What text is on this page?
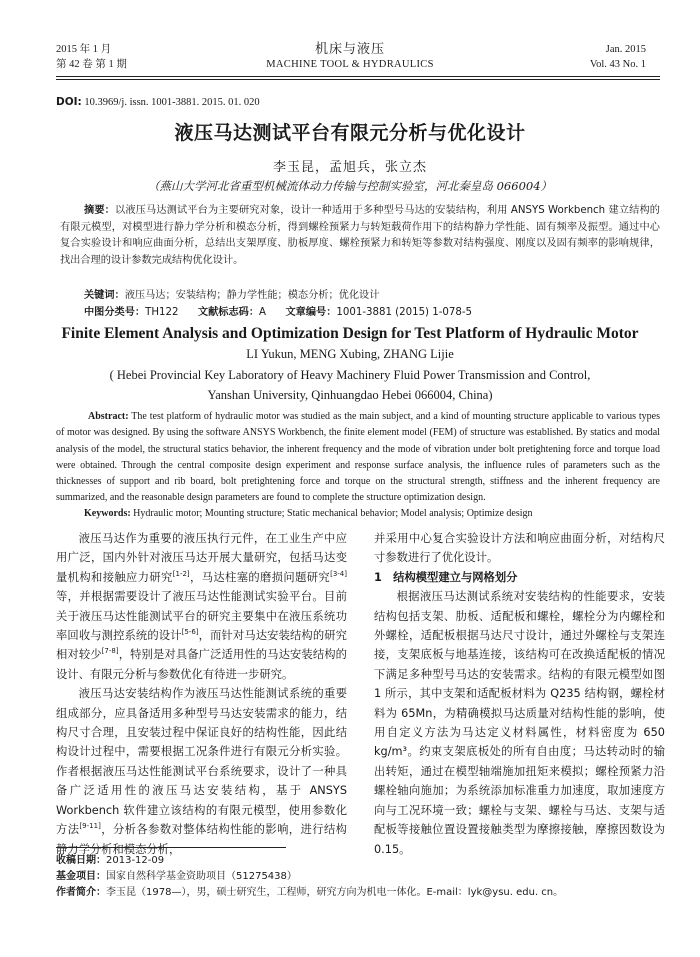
2015 年 1 月
第 42 卷 第 1 期
机床与液压
MACHINE TOOL & HYDRAULICS
Jan. 2015
Vol. 43 No. 1
DOI: 10.3969/j. issn. 1001-3881. 2015. 01. 020
液压马达测试平台有限元分析与优化设计
李玉昆，孟旭兵，张立杰
（燕山大学河北省重型机械流体动力传输与控制实验室，河北秦皇岛 066004）
摘要：以液压马达测试平台为主要研究对象，设计一种适用于多种型号马达的安装结构，利用 ANSYS Workbench 建立结构的有限元模型，对模型进行静力学分析和模态分析，得到螺栓预紧力与转矩载荷作用下的结构静力学性能、固有频率及振型。通过中心复合实验设计和响应曲面分析，总结出支架厚度、肋板厚度、螺栓预紧力和转矩等参数对结构强度、刚度以及固有频率的影响规律，找出合理的设计参数完成结构优化设计。
关键词：液压马达；安装结构；静力学性能；模态分析；优化设计
中图分类号：TH122 文献标志码：A 文章编号：1001-3881 (2015) 1-078-5
Finite Element Analysis and Optimization Design for Test Platform of Hydraulic Motor
LI Yukun, MENG Xubing, ZHANG Lijie
( Hebei Provincial Key Laboratory of Heavy Machinery Fluid Power Transmission and Control,
Yanshan University, Qinhuangdao Hebei 066004, China)
Abstract: The test platform of hydraulic motor was studied as the main subject, and a kind of mounting structure applicable to various types of motor was designed. By using the software ANSYS Workbench, the finite element model (FEM) of structure was established. By statics and modal analysis of the model, the structural statics behavior, the inherent frequency and the mode of vibration under bolt pretightening force and torque load were obtained. Through the central composite design experiment and response surface analysis, the influence rules of parameters such as the thicknesses of support and rib board, bolt pretightening force and torque on the structural strength, stiffness and the inherent frequency are summarized, and the reasonable design parameters are found to complete the structure optimization design.
Keywords: Hydraulic motor; Mounting structure; Static mechanical behavior; Model analysis; Optimize design

液压马达作为重要的液压执行元件，在工业生产中应用广泛，国内外针对液压马达开展大量研究，包括马达变量机构和接触应力研究[1-2]，马达柱塞的磨损问题研究[3-4]等，并根据需要设计了液压马达性能测试实验平台。目前关于液压马达性能测试平台的研究主要集中在液压系统功率回收与测控系统的设计[5-6]，而针对马达安装结构的研究相对较少[7-8]，特别是对具备广泛适用性的马达安装结构的设计、有限元分析与参数优化有待进一步研究。

液压马达安装结构作为液压马达性能测试系统的重要组成部分，应具备适用多种型号马达安装需求的能力，结构尺寸合理，且安装过程中保证良好的结构性能，因此结构设计过程中，需要根据工况条件进行有限元分析实验。作者根据液压马达性能测试平台系统要求，设计了一种具备广泛适用性的液压马达安装结构，基于 ANSYS Workbench 软件建立该结构的有限元模型，使用参数化方法[9-11]，分析各参数对整体结构性能的影响，进行结构静力学分析和模态分析，

并采用中心复合实验设计方法和响应曲面分析，对结构尺寸参数进行了优化设计。

1　结构模型建立与网格划分

根据液压马达测试系统对安装结构的性能要求，安装结构包括支架、肋板、适配板和螺栓，螺栓分为内螺栓和外螺栓，适配板根据马达尺寸设计，通过外螺栓与支架连接，支架底板与地基连接，该结构可在改换适配板的情况下满足多种型号马达的安装需求。结构的有限元模型如图 1 所示，其中支架和适配板材料为 Q235 结构钢，螺栓材料为 65Mn，为精确模拟马达质量对结构性能的影响，使用自定义方法为马达定义材料属性，材料密度为 650 kg/m³。约束支架底板处的所有自由度；马达转动时的输出转矩，通过在模型轴端施加扭矩来模拟；螺栓预紧力沿螺栓轴向施加；为系统添加标准重力加速度，取加速度方向与工况环境一致；螺栓与支架、螺栓与马达、支架与适配板等接触位置设置接触类型为摩擦接触，摩擦因数设为 0.15。

收稿日期：2013-12-09
基金项目：国家自然科学基金资助项目（51275438）
作者简介：李玉昆（1978—），男，硕士研究生，工程师，研究方向为机电一体化。E-mail：lyk@ysu. edu. cn。
